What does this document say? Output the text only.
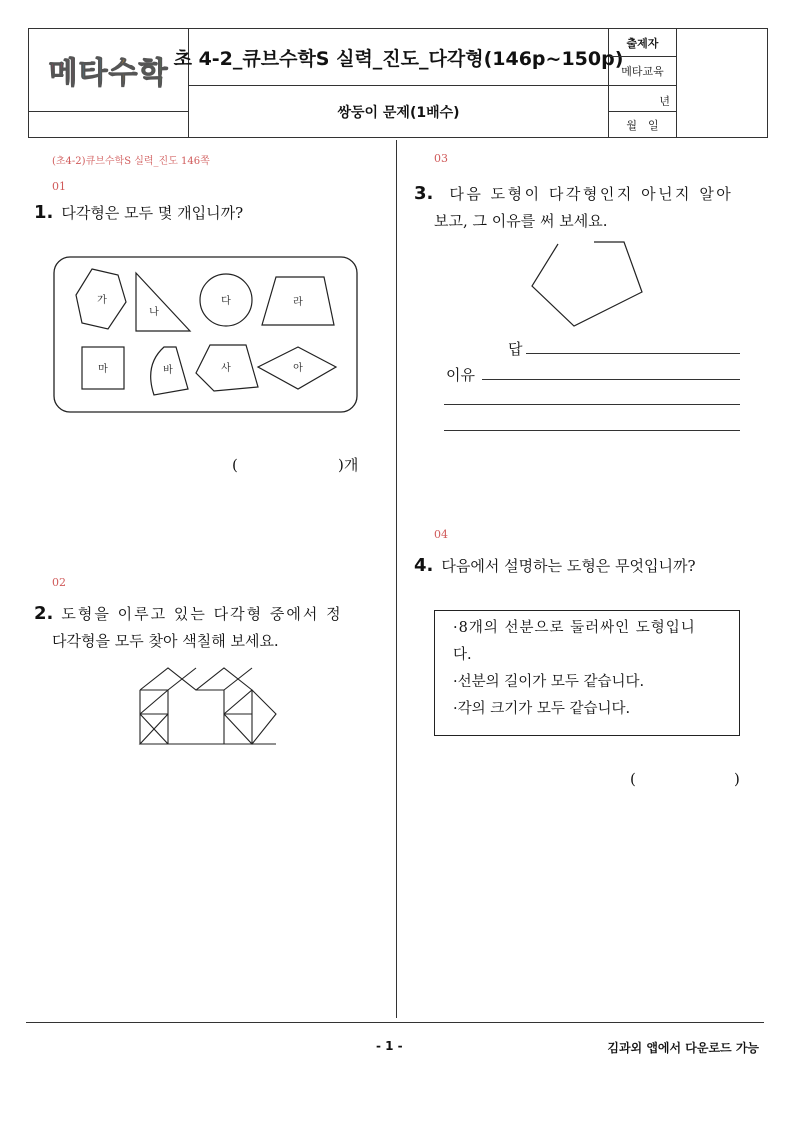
메타수학 초 4-2_큐브수학S 실력_진도_다각형(146p~150p)
쌍둥이 문제(1배수)
출제자
메타교육
년
월　일
(초4-2)큐브수학S 실력_진도 146쪽
01
1. 다각형은 모두 몇 개입니까?
가
나
다	라
마	바	사	아
(	)개
02
2. 도형을 이루고 있는 다각형 중에서 정
다각형을 모두 찾아 색칠해 보세요.
03
3. 다음 도형이 다각형인지 아닌지 알아
보고, 그 이유를 써 보세요.
답
이유
04
4. 다음에서 설명하는 도형은 무엇입니까?
·8개의 선분으로 둘러싸인 도형입니
다.
·선분의 길이가 모두 같습니다.
·각의 크기가 모두 같습니다.
(	)
- 1 -	김과외 앱에서 다운로드 가능
